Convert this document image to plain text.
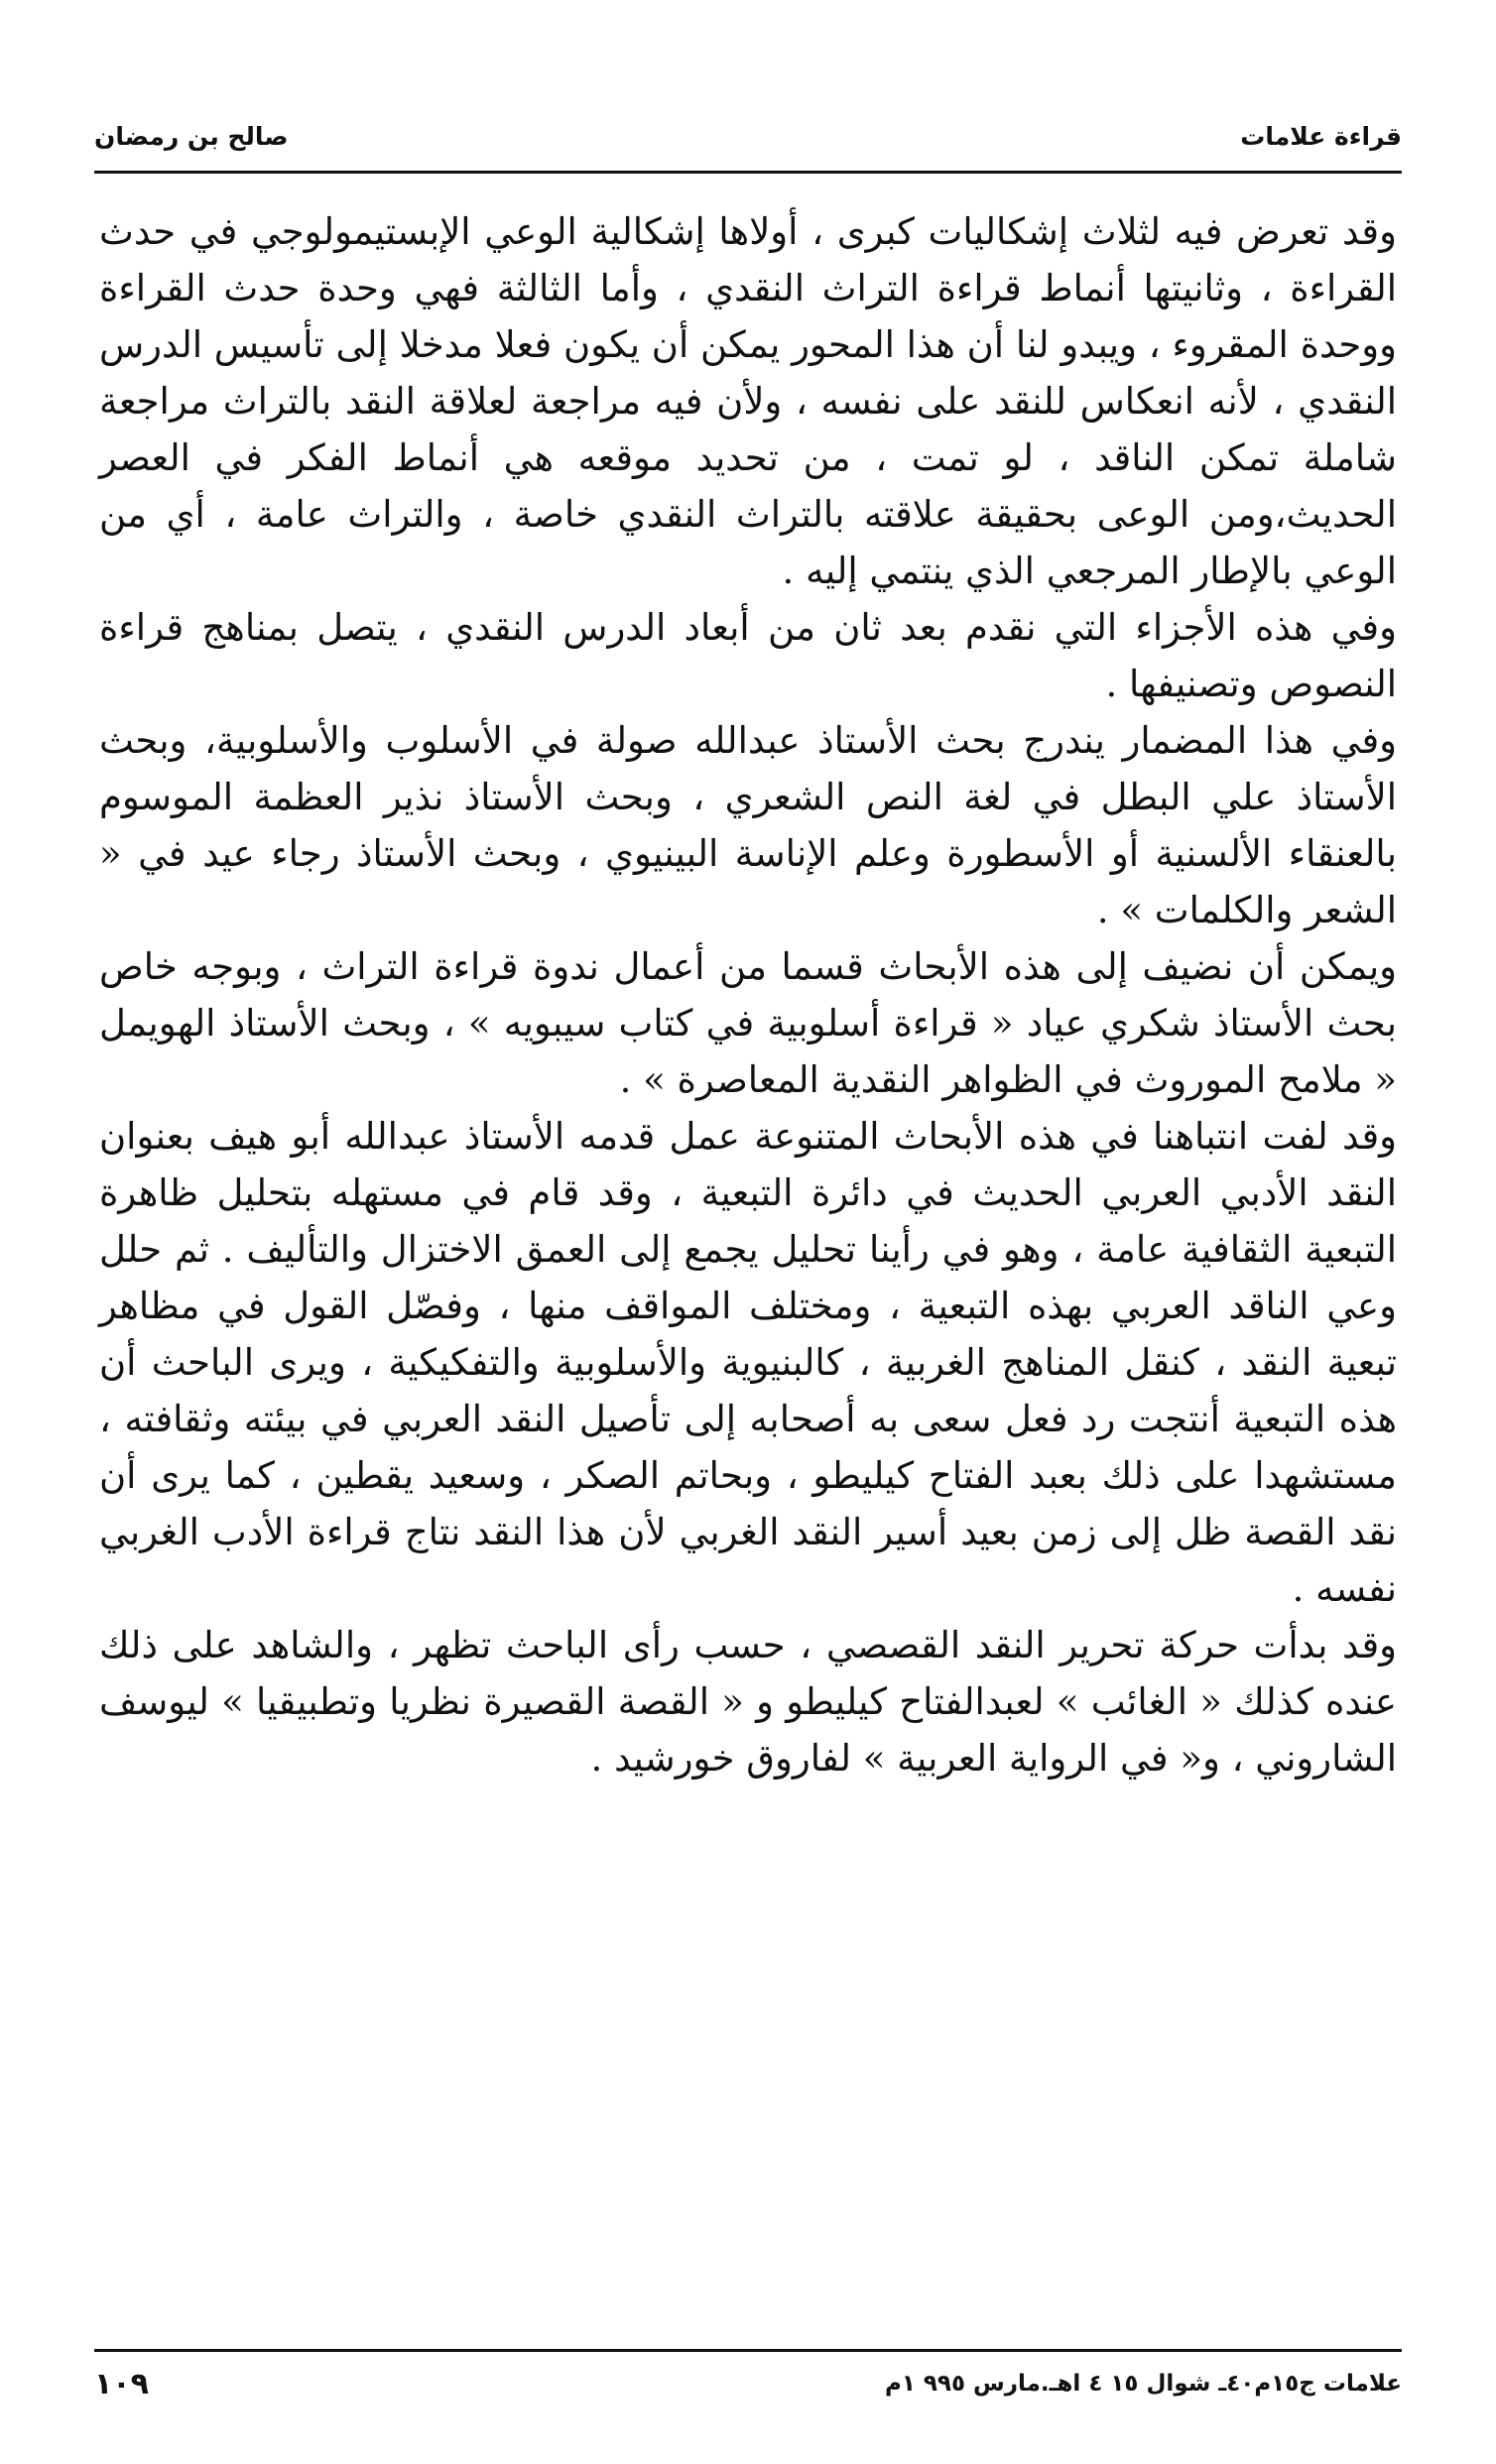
قراءة علامات
صالح بن رمضان

وقد تعرض فيه لثلاث إشكاليات كبرى ، أولاها إشكالية الوعي الإبستيمولوجي في حدث القراءة ، وثانيتها أنماط قراءة التراث النقدي ، وأما الثالثة فهي وحدة حدث القراءة ووحدة المقروء ، ويبدو لنا أن هذا المحور يمكن أن يكون فعلا مدخلا إلى تأسيس الدرس النقدي ، لأنه انعكاس للنقد على نفسه ، ولأن فيه مراجعة لعلاقة النقد بالتراث مراجعة شاملة تمكن الناقد ، لو تمت ، من تحديد موقعه هي أنماط الفكر في العصر الحديث،ومن الوعى بحقيقة علاقته بالتراث النقدي خاصة ، والتراث عامة ، أي من الوعي بالإطار المرجعي الذي ينتمي إليه .

وفي هذه الأجزاء التي نقدم بعد ثان من أبعاد الدرس النقدي ، يتصل بمناهج قراءة النصوص وتصنيفها .

وفي هذا المضمار يندرج بحث الأستاذ عبدالله صولة في الأسلوب والأسلوبية، وبحث الأستاذ علي البطل في لغة النص الشعري ، وبحث الأستاذ نذير العظمة الموسوم بالعنقاء الألسنية أو الأسطورة وعلم الإناسة البينيوي ، وبحث الأستاذ رجاء عيد في « الشعر والكلمات » .

ويمكن أن نضيف إلى هذه الأبحاث قسما من أعمال ندوة قراءة التراث ، وبوجه خاص بحث الأستاذ شكري عياد « قراءة أسلوبية في كتاب سيبويه » ، وبحث الأستاذ الهويمل « ملامح الموروث في الظواهر النقدية المعاصرة » .

وقد لفت انتباهنا في هذه الأبحاث المتنوعة عمل قدمه الأستاذ عبدالله أبو هيف بعنوان النقد الأدبي العربي الحديث في دائرة التبعية ، وقد قام في مستهله بتحليل ظاهرة التبعية الثقافية عامة ، وهو في رأينا تحليل يجمع إلى العمق الاختزال والتأليف . ثم حلل وعي الناقد العربي بهذه التبعية ، ومختلف المواقف منها ، وفصّل القول في مظاهر تبعية النقد ، كنقل المناهج الغربية ، كالبنيوية والأسلوبية والتفكيكية ، ويرى الباحث أن هذه التبعية أنتجت رد فعل سعى به أصحابه إلى تأصيل النقد العربي في بيئته وثقافته ، مستشهدا على ذلك بعبد الفتاح كيليطو ، وبحاتم الصكر ، وسعيد يقطين ، كما يرى أن نقد القصة ظل إلى زمن بعيد أسير النقد الغربي لأن هذا النقد نتاج قراءة الأدب الغربي نفسه .

وقد بدأت حركة تحرير النقد القصصي ، حسب رأى الباحث تظهر ، والشاهد على ذلك عنده كذلك « الغائب » لعبدالفتاح كيليطو و « القصة القصيرة نظريا وتطبيقيا » ليوسف الشاروني ، و« في الرواية العربية » لفاروق خورشيد .

علامات ج١٥م٤٠ـ شوال ١٥ ٤ اهـ.مارس ٩٩٥ ١م
١٠٩
